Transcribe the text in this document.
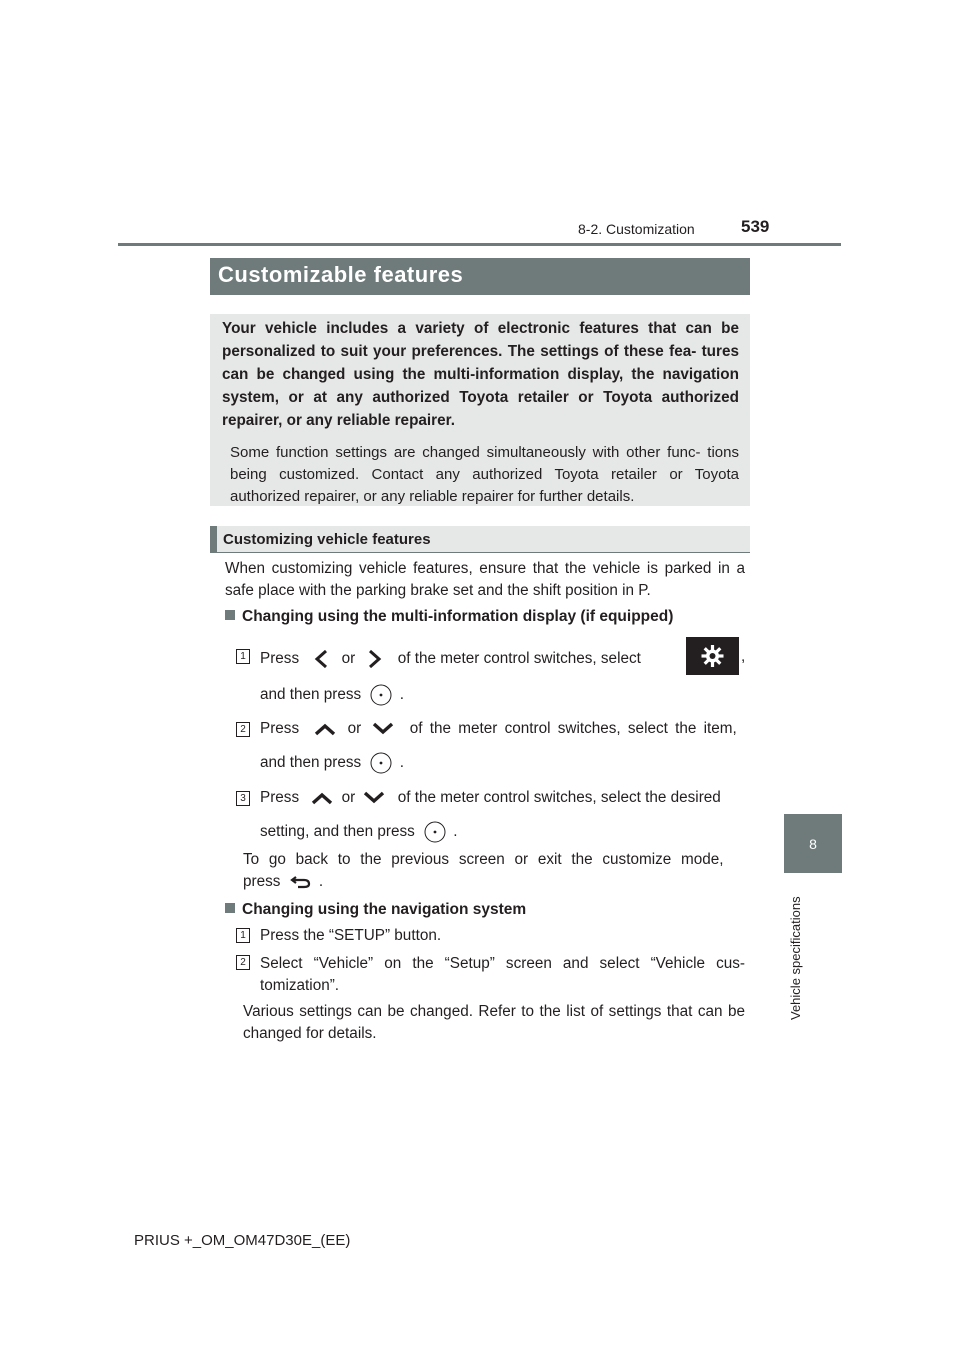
8-2. Customization	539
8
Vehicle specifications
Customizable features

Your vehicle includes a variety of electronic features that can be personalized to suit your preferences. The settings of these fea- tures can be changed using the multi-information display, the navigation system, or at any authorized Toyota retailer or Toyota authorized repairer, or any reliable repairer.

Some function settings are changed simultaneously with other func- tions being customized. Contact any authorized Toyota retailer or Toyota authorized repairer, or any reliable repairer for further details.

Customizing vehicle features

When customizing vehicle features, ensure that the vehicle is parked in a safe place with the parking brake set and the shift position in P.

Changing using the multi-information display (if equipped)
1 Press	or	of the meter control switches, select	,
and then press	.
2 Press	or	of the meter control switches, select the item,
and then press	.
3 Press	or	of the meter control switches, select the desired
setting, and then press	.
To go back to the previous screen or exit the customize mode,
press	.
Changing using the navigation system
1 Press the “SETUP” button.
2 Select “Vehicle” on the “Setup” screen and select “Vehicle cus- tomization”.

Various settings can be changed. Refer to the list of settings that can be changed for details.

PRIUS +_OM_OM47D30E_(EE)
